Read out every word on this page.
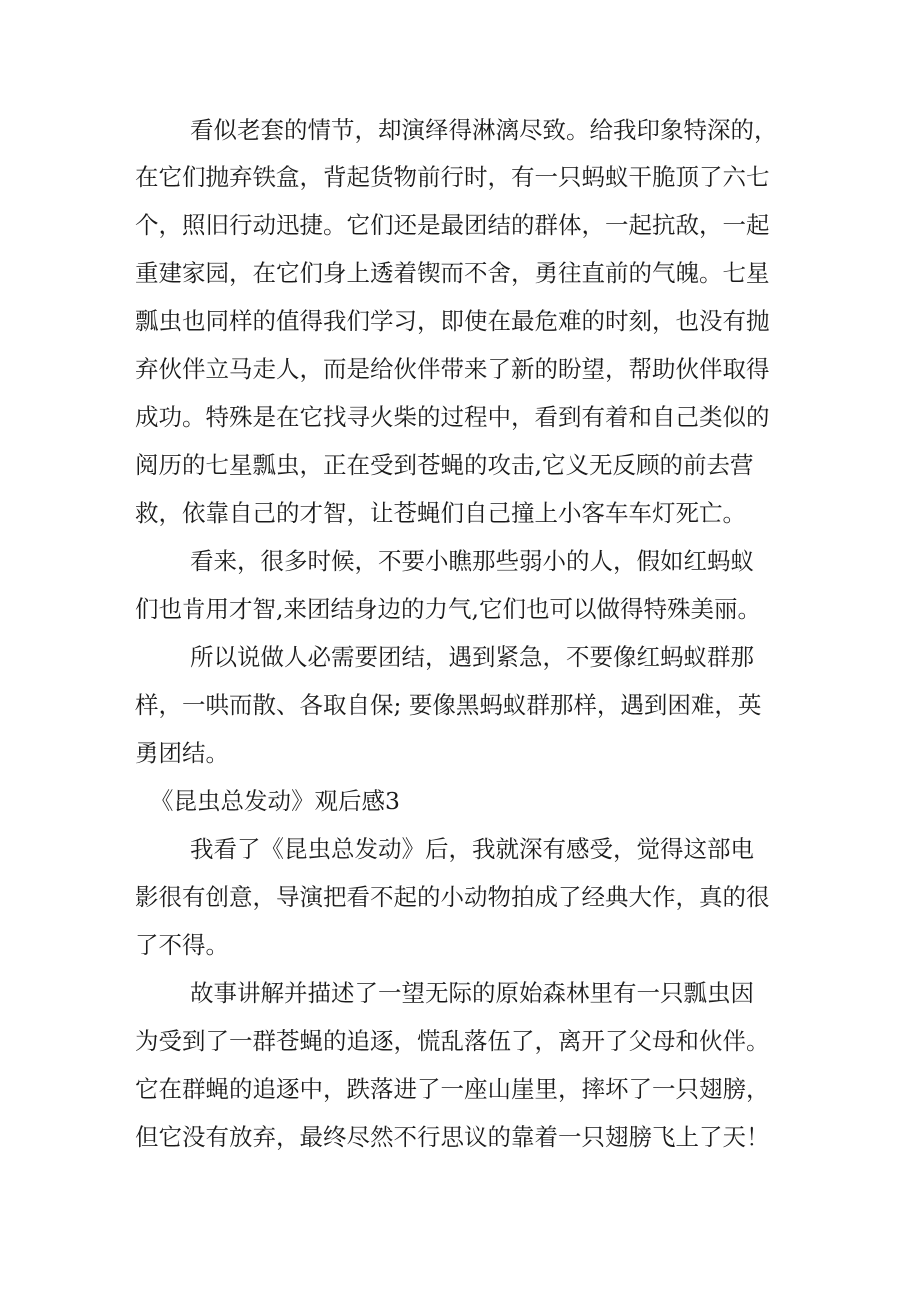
看似老套的情节，却演绎得淋漓尽致。给我印象特深的，
在它们抛弃铁盒，背起货物前行时，有一只蚂蚁干脆顶了六七
个，照旧行动迅捷。它们还是最团结的群体，一起抗敌，一起
重建家园，在它们身上透着锲而不舍，勇往直前的气魄。七星
瓢虫也同样的值得我们学习，即使在最危难的时刻，也没有抛
弃伙伴立马走人，而是给伙伴带来了新的盼望，帮助伙伴取得
成功。特殊是在它找寻火柴的过程中，看到有着和自己类似的
阅历的七星瓢虫，正在受到苍蝇的攻击,它义无反顾的前去营
救，依靠自己的才智，让苍蝇们自己撞上小客车车灯死亡。
看来，很多时候，不要小瞧那些弱小的人，假如红蚂蚁
们也肯用才智,来团结身边的力气,它们也可以做得特殊美丽。
所以说做人必需要团结，遇到紧急，不要像红蚂蚁群那
样，一哄而散、各取自保; 要像黑蚂蚁群那样，遇到困难，英
勇团结。
《昆虫总发动》观后感3
我看了《昆虫总发动》后，我就深有感受，觉得这部电
影很有创意，导演把看不起的小动物拍成了经典大作，真的很
了不得。
故事讲解并描述了一望无际的原始森林里有一只瓢虫因
为受到了一群苍蝇的追逐，慌乱落伍了，离开了父母和伙伴。
它在群蝇的追逐中，跌落进了一座山崖里，摔坏了一只翅膀，
但它没有放弃，最终尽然不行思议的靠着一只翅膀飞上了天！
